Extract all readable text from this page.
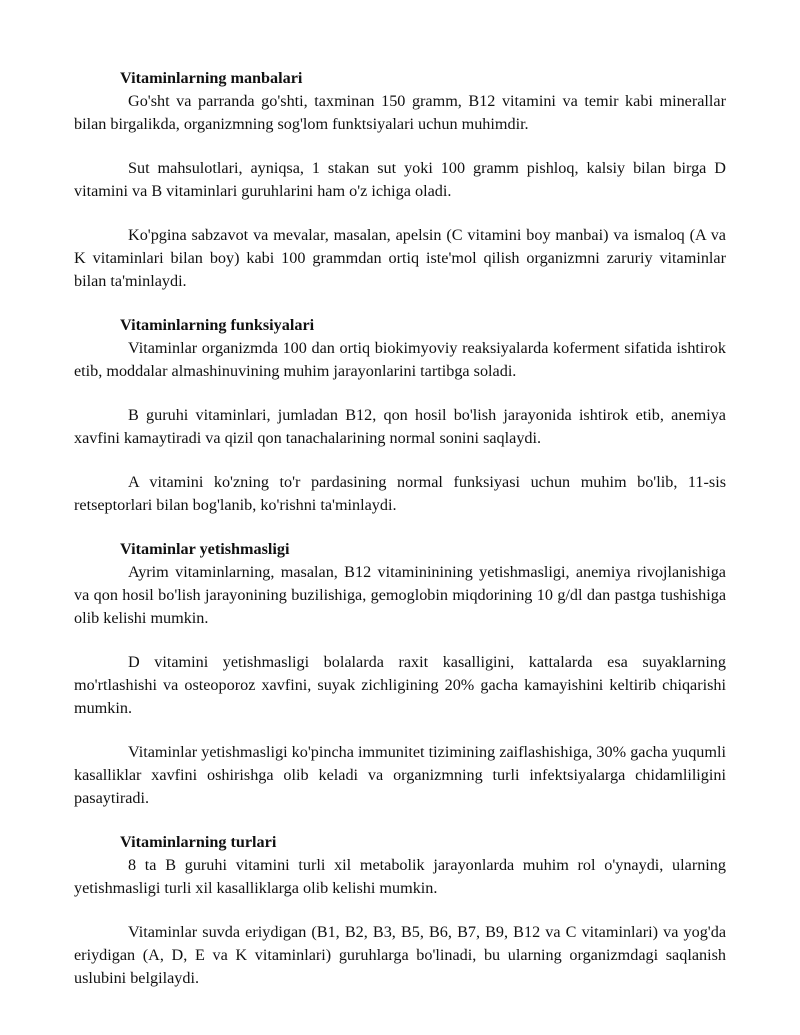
Vitaminlarning manbalari

Go'sht va parranda go'shti, taxminan 150 gramm, B12 vitamini va temir kabi minerallar bilan birgalikda, organizmning sog'lom funktsiyalari uchun muhimdir.

Sut mahsulotlari, ayniqsa, 1 stakan sut yoki 100 gramm pishloq, kalsiy bilan birga D vitamini va B vitaminlari guruhlarini ham o'z ichiga oladi.

Ko'pgina sabzavot va mevalar, masalan, apelsin (C vitamini boy manbai) va ismaloq (A va K vitaminlari bilan boy) kabi 100 grammdan ortiq iste'mol qilish organizmni zaruriy vitaminlar bilan ta'minlaydi.

Vitaminlarning funksiyalari

Vitaminlar organizmda 100 dan ortiq biokimyoviy reaksiyalarda koferment sifatida ishtirok etib, moddalar almashinuvining muhim jarayonlarini tartibga soladi.

B guruhi vitaminlari, jumladan B12, qon hosil bo'lish jarayonida ishtirok etib, anemiya xavfini kamaytiradi va qizil qon tanachalarining normal sonini saqlaydi.

A vitamini ko'zning to'r pardasining normal funksiyasi uchun muhim bo'lib, 11-sis retseptorlari bilan bog'lanib, ko'rishni ta'minlaydi.

Vitaminlar yetishmasligi

Ayrim vitaminlarning, masalan, B12 vitamininining yetishmasligi, anemiya rivojlanishiga va qon hosil bo'lish jarayonining buzilishiga, gemoglobin miqdorining 10 g/dl dan pastga tushishiga olib kelishi mumkin.

D vitamini yetishmasligi bolalarda raxit kasalligini, kattalarda esa suyaklarning mo'rtlashishi va osteoporoz xavfini, suyak zichligining 20% gacha kamayishini keltirib chiqarishi mumkin.

Vitaminlar yetishmasligi ko'pincha immunitet tizimining zaiflashishiga, 30% gacha yuqumli kasalliklar xavfini oshirishga olib keladi va organizmning turli infektsiyalarga chidamliligini pasaytiradi.

Vitaminlarning turlari

8 ta B guruhi vitamini turli xil metabolik jarayonlarda muhim rol o'ynaydi, ularning yetishmasligi turli xil kasalliklarga olib kelishi mumkin.

Vitaminlar suvda eriydigan (B1, B2, B3, B5, B6, B7, B9, B12 va C vitaminlari) va yog'da eriydigan (A, D, E va K vitaminlari) guruhlarga bo'linadi, bu ularning organizmdagi saqlanish uslubini belgilaydi.
